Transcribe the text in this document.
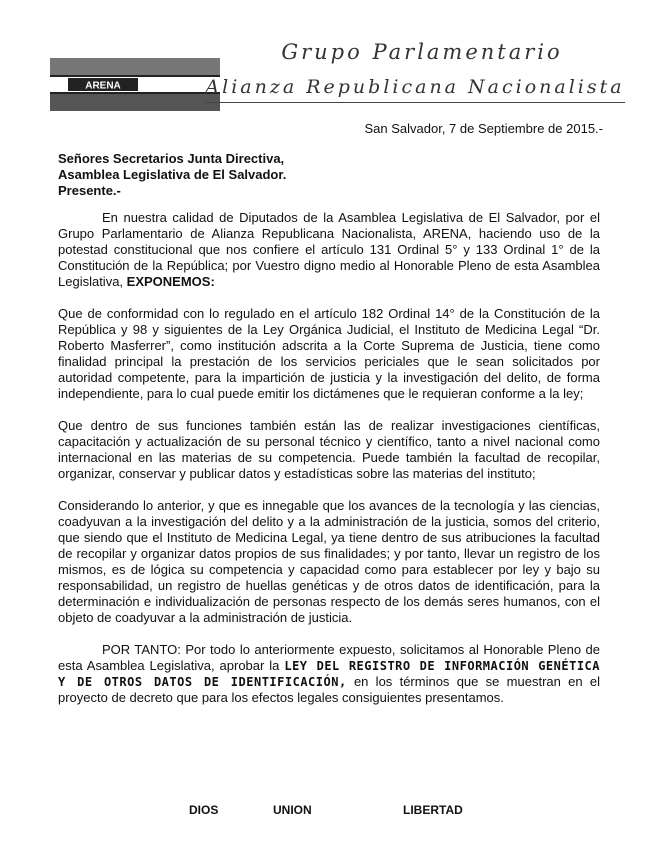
ARENA
Grupo Parlamentario
Alianza Republicana Nacionalista
San Salvador, 7 de Septiembre de 2015.-
Señores Secretarios Junta Directiva,
Asamblea Legislativa de El Salvador.
Presente.-

En nuestra calidad de Diputados de la Asamblea Legislativa de El Salvador, por el Grupo Parlamentario de Alianza Republicana Nacionalista, ARENA, haciendo uso de la potestad constitucional que nos confiere el artículo 131 Ordinal 5° y 133 Ordinal 1° de la Constitución de la República; por Vuestro digno medio al Honorable Pleno de esta Asamblea Legislativa, EXPONEMOS:

Que de conformidad con lo regulado en el artículo 182 Ordinal 14° de la Constitución de la República y 98 y siguientes de la Ley Orgánica Judicial, el Instituto de Medicina Legal “Dr. Roberto Masferrer”, como institución adscrita a la Corte Suprema de Justicia, tiene como finalidad principal la prestación de los servicios periciales que le sean solicitados por autoridad competente, para la impartición de justicia y la investigación del delito, de forma independiente, para lo cual puede emitir los dictámenes que le requieran conforme a la ley;

Que dentro de sus funciones también están las de realizar investigaciones científicas, capacitación y actualización de su personal técnico y científico, tanto a nivel nacional como internacional en las materias de su competencia. Puede también la facultad de recopilar, organizar, conservar y publicar datos y estadísticas sobre las materias del instituto;

Considerando lo anterior, y que es innegable que los avances de la tecnología y las ciencias, coadyuvan a la investigación del delito y a la administración de la justicia, somos del criterio, que siendo que el Instituto de Medicina Legal, ya tiene dentro de sus atribuciones la facultad de recopilar y organizar datos propios de sus finalidades; y por tanto, llevar un registro de los mismos, es de lógica su competencia y capacidad como para establecer por ley y bajo su responsabilidad, un registro de huellas genéticas y de otros datos de identificación, para la determinación e individualización de personas respecto de los demás seres humanos, con el objeto de coadyuvar a la administración de justicia.

POR TANTO: Por todo lo anteriormente expuesto, solicitamos al Honorable Pleno de esta Asamblea Legislativa, aprobar la LEY DEL REGISTRO DE INFORMACIÓN GENÉTICA Y DE OTROS DATOS DE IDENTIFICACIÓN, en los términos que se muestran en el proyecto de decreto que para los efectos legales consiguientes presentamos.

DIOS	UNION	LIBERTAD
